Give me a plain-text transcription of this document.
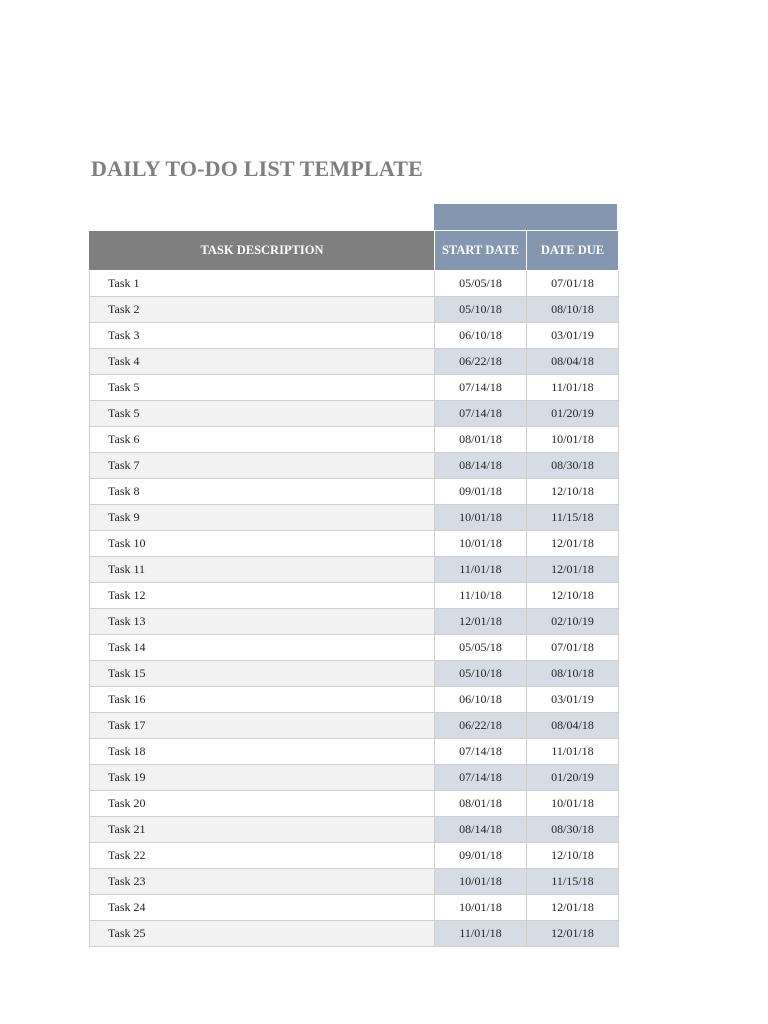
DAILY TO-DO LIST TEMPLATE
TASK DESCRIPTION	START DATE	DATE DUE
Task 1	05/05/18	07/01/18
Task 2	05/10/18	08/10/18
Task 3	06/10/18	03/01/19
Task 4	06/22/18	08/04/18
Task 5	07/14/18	11/01/18
Task 5	07/14/18	01/20/19
Task 6	08/01/18	10/01/18
Task 7	08/14/18	08/30/18
Task 8	09/01/18	12/10/18
Task 9	10/01/18	11/15/18
Task 10	10/01/18	12/01/18
Task 11	11/01/18	12/01/18
Task 12	11/10/18	12/10/18
Task 13	12/01/18	02/10/19
Task 14	05/05/18	07/01/18
Task 15	05/10/18	08/10/18
Task 16	06/10/18	03/01/19
Task 17	06/22/18	08/04/18
Task 18	07/14/18	11/01/18
Task 19	07/14/18	01/20/19
Task 20	08/01/18	10/01/18
Task 21	08/14/18	08/30/18
Task 22	09/01/18	12/10/18
Task 23	10/01/18	11/15/18
Task 24	10/01/18	12/01/18
Task 25	11/01/18	12/01/18
